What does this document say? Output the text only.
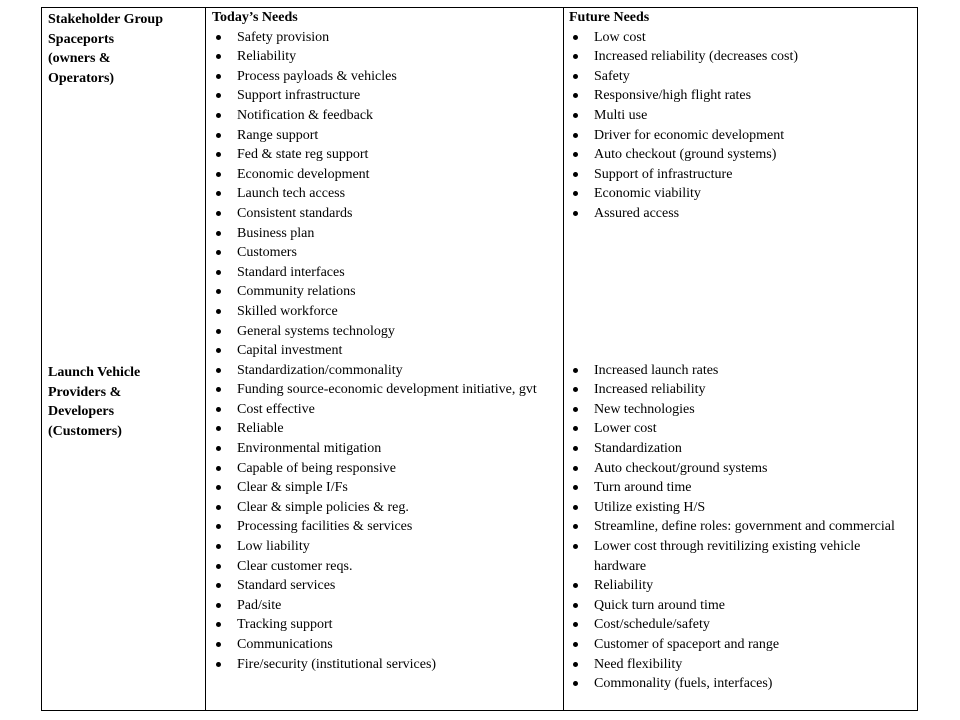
Stakeholder Group
Spaceports
(owners &
Operators)
Launch Vehicle
Providers &
Developers
(Customers)
Today’s Needs
Safety provision
Reliability
Process payloads & vehicles
Support infrastructure
Notification & feedback
Range support
Fed & state reg support
Economic development
Launch tech access
Consistent standards
Business plan
Customers
Standard interfaces
Community relations
Skilled workforce
General systems technology
Capital investment
Standardization/commonality
Funding source-economic development initiative, gvt
Cost effective
Reliable
Environmental mitigation
Capable of being responsive
Clear & simple I/Fs
Clear & simple policies & reg.
Processing facilities & services
Low liability
Clear customer reqs.
Standard services
Pad/site
Tracking support
Communications
Fire/security (institutional services)
Future Needs
Low cost
Increased reliability (decreases cost)
Safety
Responsive/high flight rates
Multi use
Driver for economic development
Auto checkout (ground systems)
Support of infrastructure
Economic viability
Assured access
Increased launch rates
Increased reliability
New technologies
Lower cost
Standardization
Auto checkout/ground systems
Turn around time
Utilize existing H/S
Streamline, define roles: government and commercial
Lower cost through revitilizing existing vehicle hardware
Reliability
Quick turn around time
Cost/schedule/safety
Customer of spaceport and range
Need flexibility
Commonality (fuels, interfaces)
